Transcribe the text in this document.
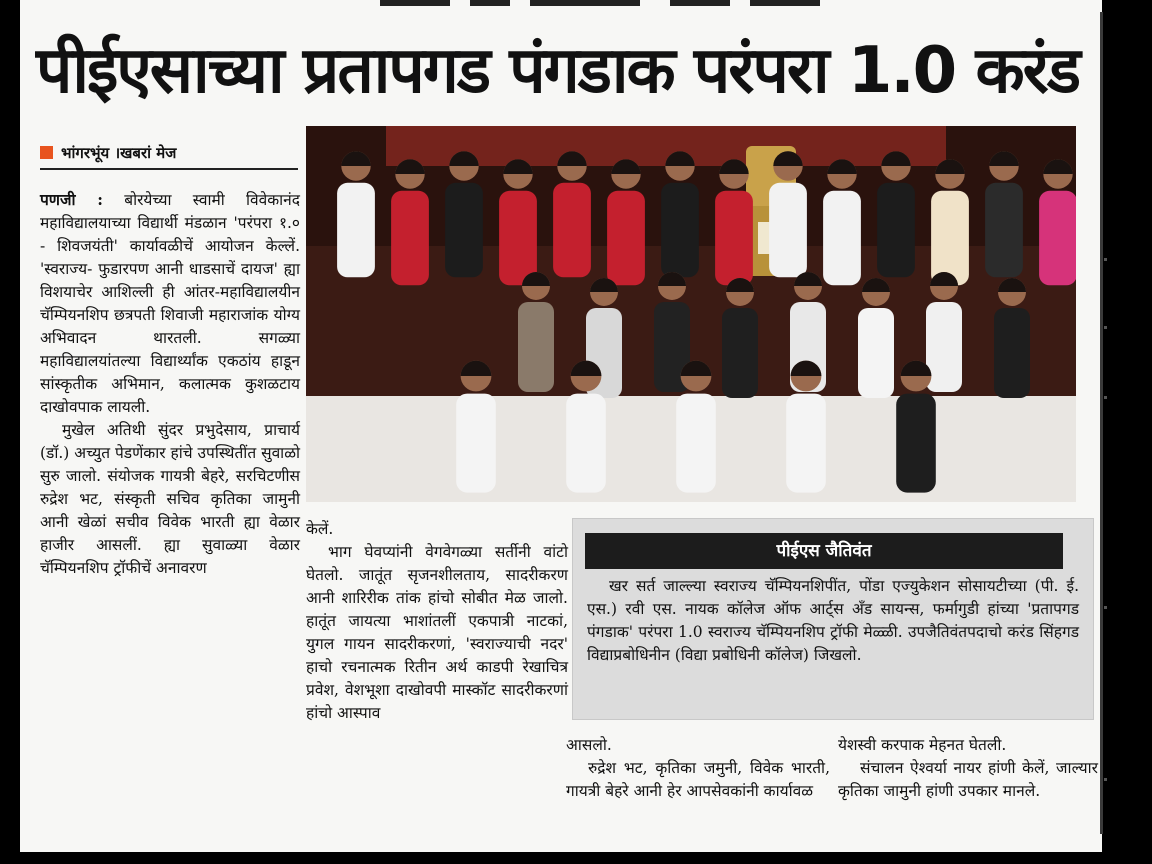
पीईएसाच्या प्रतापगड पंगडाक परंपरा 1.0 करंड
भांगरभूंय ।खबरां मेज

पणजी : बोरयेच्या स्वामी विवेकानंद महाविद्यालयाच्या विद्यार्थी मंडळान 'परंपरा १.० - शिवजयंती' कार्यावळीचें आयोजन केल्लें. 'स्वराज्य- फुडारपण आनी धाडसाचें दायज' ह्या विशयाचेर आशिल्ली ही आंतर-महाविद्यालयीन चॅम्पियनशिप छत्रपती शिवाजी महाराजांक योग्य अभिवादन थारतली. सगळ्या महाविद्यालयांतल्या विद्यार्थ्यांक एकठांय हाडून सांस्कृतीक अभिमान, कलात्मक कुशळटाय दाखोवपाक लायली.

मुखेल अतिथी सुंदर प्रभुदेसाय, प्राचार्य (डॉ.) अच्युत पेडणेंकार हांचे उपस्थितींत सुवाळो सुरु जालो. संयोजक गायत्री बेहरे, सरचिटणीस रुद्रेश भट, संस्कृती सचिव कृतिका जामुनी आनी खेळां सचीव विवेक भारती ह्या वेळार हाजीर आसलीं. ह्या सुवाळ्या वेळार चॅम्पियनशिप ट्रॉफीचें अनावरण

केलें.

भाग घेवप्यांनी वेगवेगळ्या सर्तीनी वांटो घेतलो. जातूंत सृजनशीलताय, सादरीकरण आनी शारिरीक तांक हांचो सोबीत मेळ जालो. हातूंत जायत्या भाशांतलीं एकपात्री नाटकां, युगल गायन सादरीकरणां, 'स्वराज्याची नदर' हाचो रचनात्मक रितीन अर्थ काडपी रेखाचित्र प्रवेश, वेशभूशा दाखोवपी मास्कॉट सादरीकरणां हांचो आस्पाव

पीईएस जैतिवंत

खर सर्त जाल्ल्या स्वराज्य चॅम्पियनशिपींत, पोंडा एज्युकेशन सोसायटीच्या (पी. ई. एस.) रवी एस. नायक कॉलेज ऑफ आर्ट्स अँड सायन्स, फर्मागुडी हांच्या 'प्रतापगड पंगडाक' परंपरा 1.0 स्वराज्य चॅम्पियनशिप ट्रॉफी मेळ्ळी. उपजैतिवंतपदाचो करंड सिंहगड विद्याप्रबोधिनीन (विद्या प्रबोधिनी कॉलेज) जिखलो.

आसलो.

रुद्रेश भट, कृतिका जमुनी, विवेक भारती, गायत्री बेहरे आनी हेर आपसेवकांनी कार्यावळ

येशस्वी करपाक मेहनत घेतली.

संचालन ऐश्वर्या नायर हांणी केलें, जाल्यार कृतिका जामुनी हांणी उपकार मानले.
